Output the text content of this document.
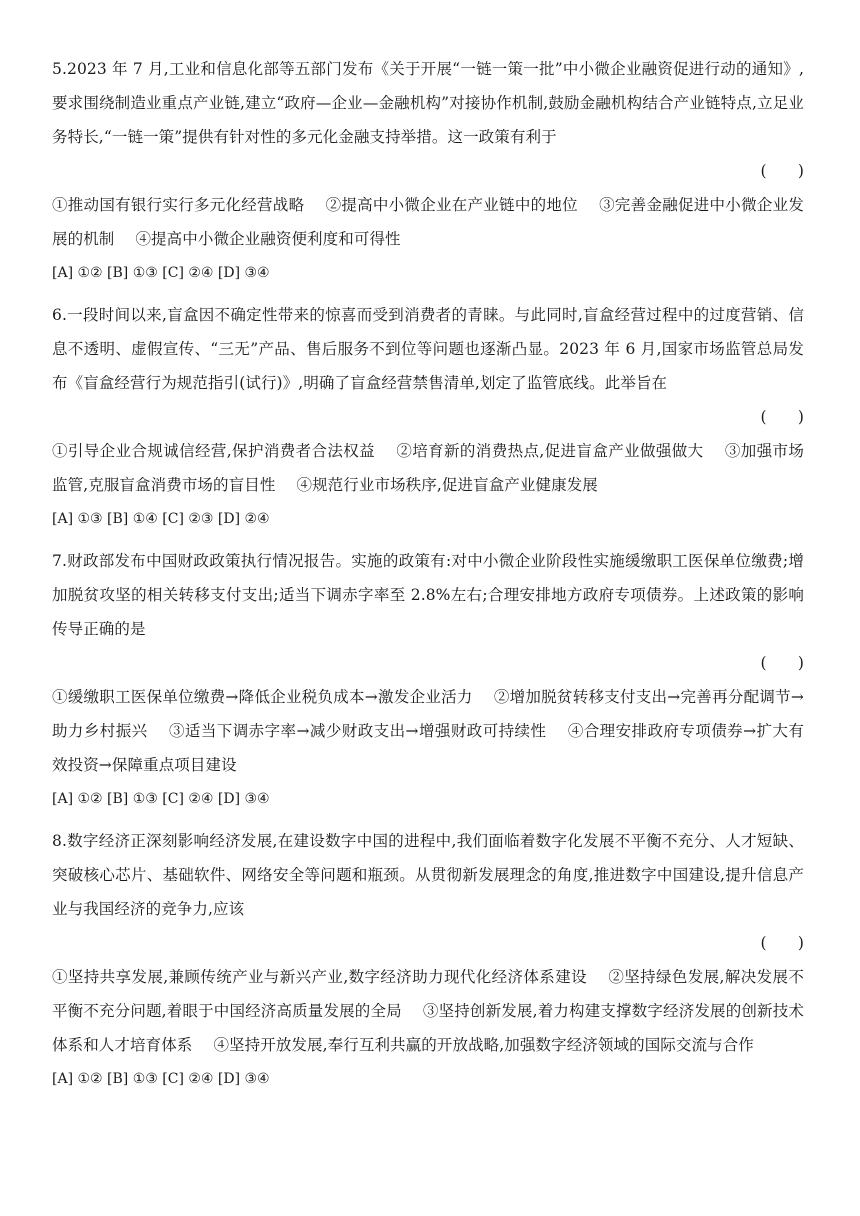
5.2023 年 7 月,工业和信息化部等五部门发布《关于开展“一链一策一批”中小微企业融资促进行动的通知》,要求围绕制造业重点产业链,建立“政府—企业—金融机构”对接协作机制,鼓励金融机构结合产业链特点,立足业务特长,“一链一策”提供有针对性的多元化金融支持举措。这一政策有利于
(　　)
①推动国有银行实行多元化经营战略 ②提高中小微企业在产业链中的地位 ③完善金融促进中小微企业发展的机制 ④提高中小微企业融资便利度和可得性
[A] ①② [B] ①③ [C] ②④ [D] ③④
6.一段时间以来,盲盒因不确定性带来的惊喜而受到消费者的青睐。与此同时,盲盒经营过程中的过度营销、信息不透明、虚假宣传、“三无”产品、售后服务不到位等问题也逐渐凸显。2023 年 6 月,国家市场监管总局发布《盲盒经营行为规范指引(试行)》,明确了盲盒经营禁售清单,划定了监管底线。此举旨在
(　　)
①引导企业合规诚信经营,保护消费者合法权益 ②培育新的消费热点,促进盲盒产业做强做大 ③加强市场监管,克服盲盒消费市场的盲目性 ④规范行业市场秩序,促进盲盒产业健康发展
[A] ①③ [B] ①④ [C] ②③ [D] ②④
7.财政部发布中国财政政策执行情况报告。实施的政策有:对中小微企业阶段性实施缓缴职工医保单位缴费;增加脱贫攻坚的相关转移支付支出;适当下调赤字率至 2.8%左右;合理安排地方政府专项债券。上述政策的影响传导正确的是
(　　)
①缓缴职工医保单位缴费→降低企业税负成本→激发企业活力 ②增加脱贫转移支付支出→完善再分配调节→助力乡村振兴 ③适当下调赤字率→减少财政支出→增强财政可持续性 ④合理安排政府专项债券→扩大有效投资→保障重点项目建设
[A] ①② [B] ①③ [C] ②④ [D] ③④
8.数字经济正深刻影响经济发展,在建设数字中国的进程中,我们面临着数字化发展不平衡不充分、人才短缺、突破核心芯片、基础软件、网络安全等问题和瓶颈。从贯彻新发展理念的角度,推进数字中国建设,提升信息产业与我国经济的竞争力,应该
(　　)
①坚持共享发展,兼顾传统产业与新兴产业,数字经济助力现代化经济体系建设 ②坚持绿色发展,解决发展不平衡不充分问题,着眼于中国经济高质量发展的全局 ③坚持创新发展,着力构建支撑数字经济发展的创新技术体系和人才培育体系 ④坚持开放发展,奉行互利共赢的开放战略,加强数字经济领域的国际交流与合作
[A] ①② [B] ①③ [C] ②④ [D] ③④
